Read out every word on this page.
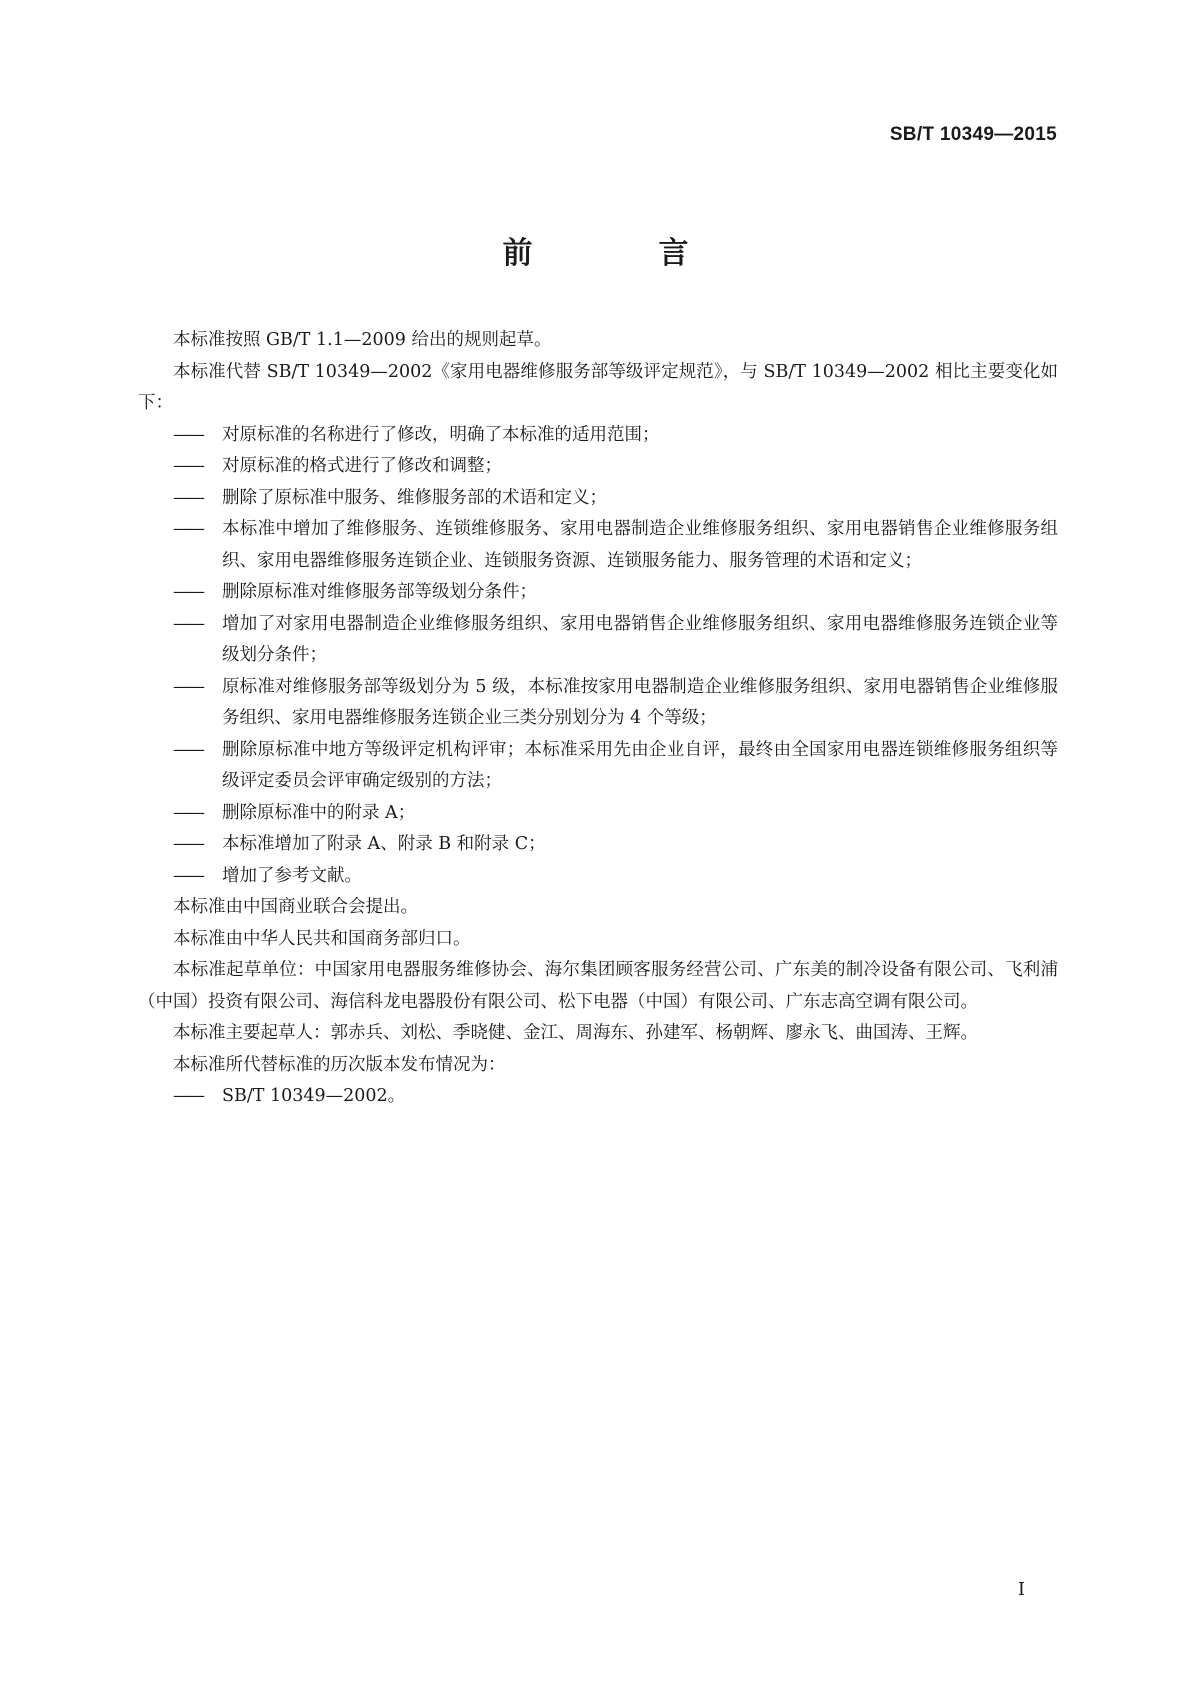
SB/T 10349—2015
前　言

本标准按照 GB/T 1.1—2009 给出的规则起草。

本标准代替 SB/T 10349—2002《家用电器维修服务部等级评定规范》，与 SB/T 10349—2002 相比主要变化如下：

——	对原标准的名称进行了修改，明确了本标准的适用范围；

——	对原标准的格式进行了修改和调整；

——	删除了原标准中服务、维修服务部的术语和定义；

——	本标准中增加了维修服务、连锁维修服务、家用电器制造企业维修服务组织、家用电器销售企业维修服务组织、家用电器维修服务连锁企业、连锁服务资源、连锁服务能力、服务管理的术语和定义；

——	删除原标准对维修服务部等级划分条件；

——	增加了对家用电器制造企业维修服务组织、家用电器销售企业维修服务组织、家用电器维修服务连锁企业等级划分条件；

——	原标准对维修服务部等级划分为 5 级，本标准按家用电器制造企业维修服务组织、家用电器销售企业维修服务组织、家用电器维修服务连锁企业三类分别划分为 4 个等级；

——	删除原标准中地方等级评定机构评审；本标准采用先由企业自评，最终由全国家用电器连锁维修服务组织等级评定委员会评审确定级别的方法；

——	删除原标准中的附录 A；

——	本标准增加了附录 A、附录 B 和附录 C；

——	增加了参考文献。

本标准由中国商业联合会提出。

本标准由中华人民共和国商务部归口。

本标准起草单位：中国家用电器服务维修协会、海尔集团顾客服务经营公司、广东美的制冷设备有限公司、飞利浦（中国）投资有限公司、海信科龙电器股份有限公司、松下电器（中国）有限公司、广东志高空调有限公司。

本标准主要起草人：郭赤兵、刘松、季晓健、金江、周海东、孙建军、杨朝辉、廖永飞、曲国涛、王辉。

本标准所代替标准的历次版本发布情况为：

——	SB/T 10349—2002。

I
